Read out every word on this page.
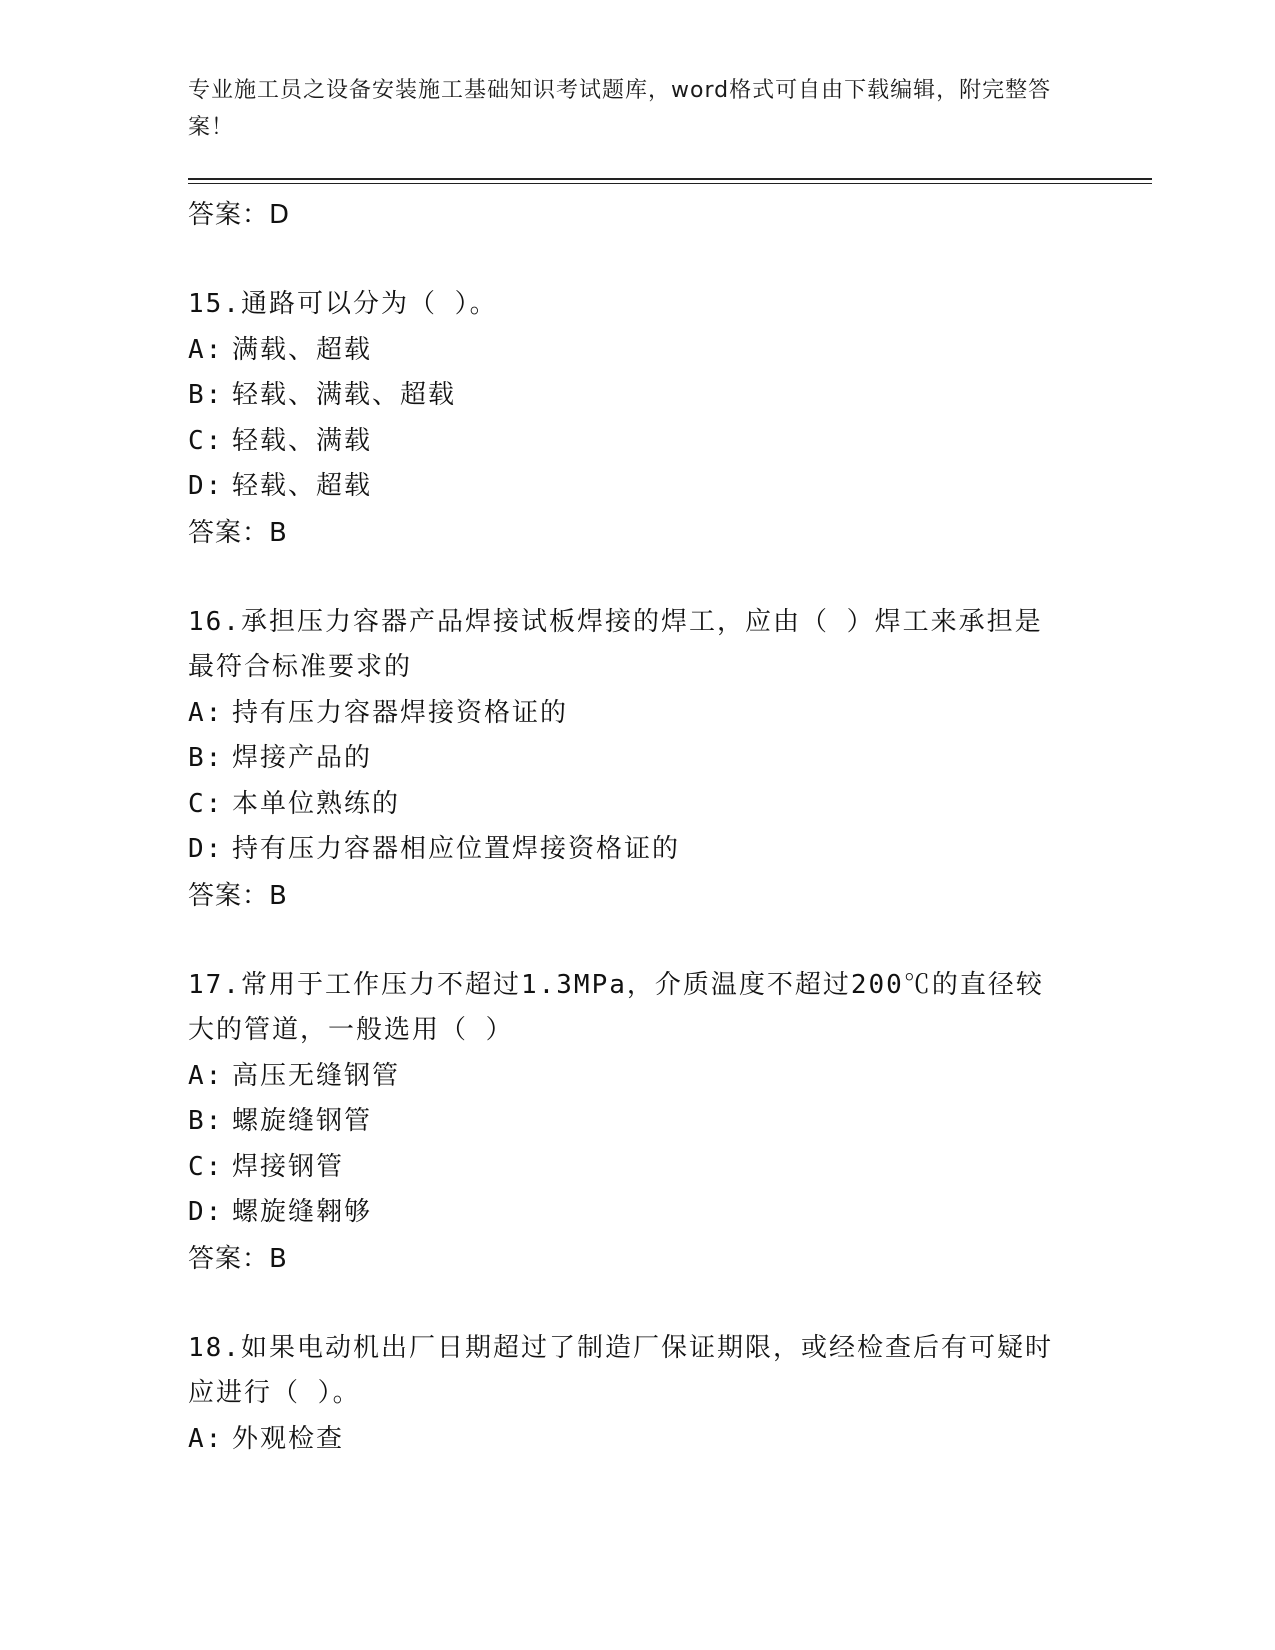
专业施工员之设备安装施工基础知识考试题库，word格式可自由下载编辑，附完整答案！
答案：D

15.通路可以分为（ ）。

A: 满载、超载
B: 轻载、满载、超载
C: 轻载、满载
D: 轻载、超载
答案：B

16.承担压力容器产品焊接试板焊接的焊工，应由（ ）焊工来承担是最符合标准要求的

A: 持有压力容器焊接资格证的
B: 焊接产品的
C: 本单位熟练的
D: 持有压力容器相应位置焊接资格证的
答案：B

17.常用于工作压力不超过1.3MPa，介质温度不超过200℃的直径较大的管道，一般选用（ ）

A: 高压无缝钢管
B: 螺旋缝钢管
C: 焊接钢管
D: 螺旋缝翱够
答案：B

18.如果电动机出厂日期超过了制造厂保证期限，或经检查后有可疑时应进行（ ）。

A: 外观检查
